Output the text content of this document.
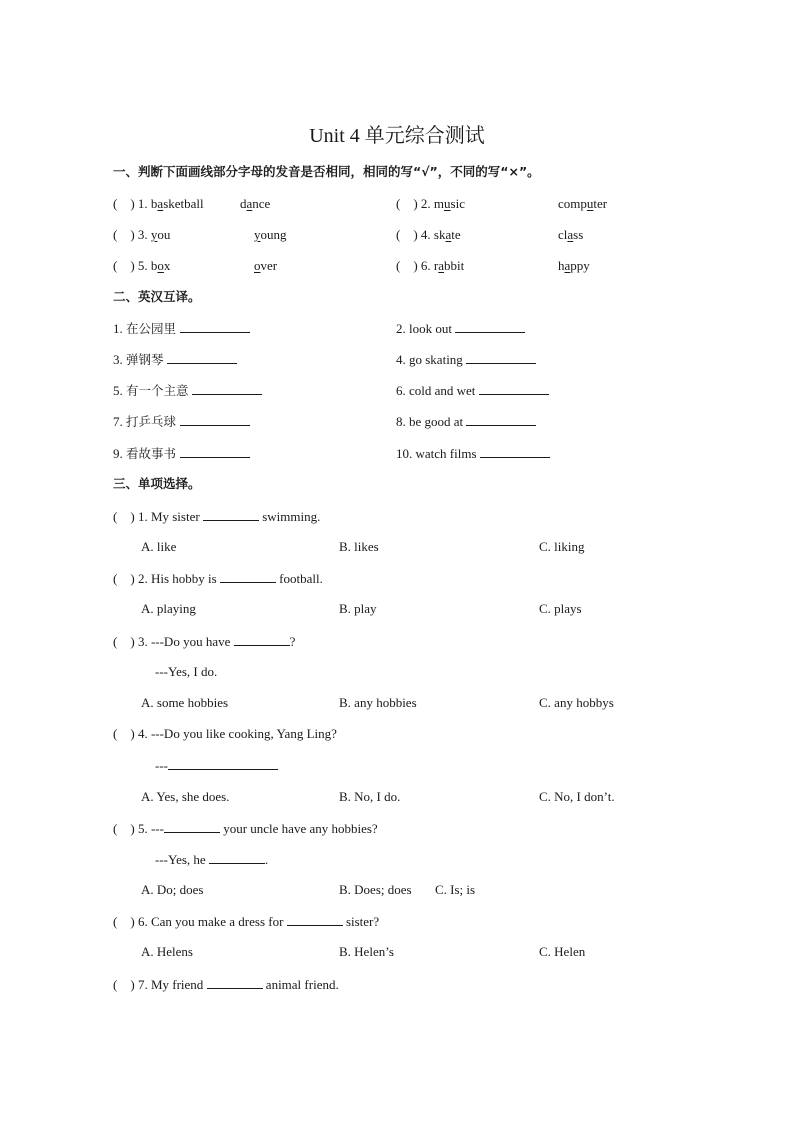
Unit 4 单元综合测试
一、判断下面画线部分字母的发音是否相同，相同的写“√”，不同的写“×”。
(    ) 1. basketball	dance	(    ) 2. music	computer
(    ) 3. you	young	(    ) 4. skate	class
(    ) 5. box	over	(    ) 6. rabbit	happy
二、英汉互译。
1. 在公园里	2. look out
3. 弹钢琴	4. go skating
5. 有一个主意	6. cold and wet
7. 打乒乓球	8. be good at
9. 看故事书	10. watch films
三、单项选择。
( ) 1. My sister	swimming.
A. like	B. likes	C. liking
( ) 2. His hobby is	football.
A. playing	B. play	C. plays
( ) 3. ---Do you have	?
---Yes, I do.
A. some hobbies	B. any hobbies	C. any hobbys
( ) 4. ---Do you like cooking, Yang Ling?
---
A. Yes, she does.	B. No, I do.	C. No, I don’t.
( ) 5. ---	your uncle have any hobbies?
---Yes, he	.
A. Do; does	B. Does; does C. Is; is
( ) 6. Can you make a dress for	sister?
A. Helens	B. Helen’s	C. Helen
( ) 7. My friend	animal friend.
